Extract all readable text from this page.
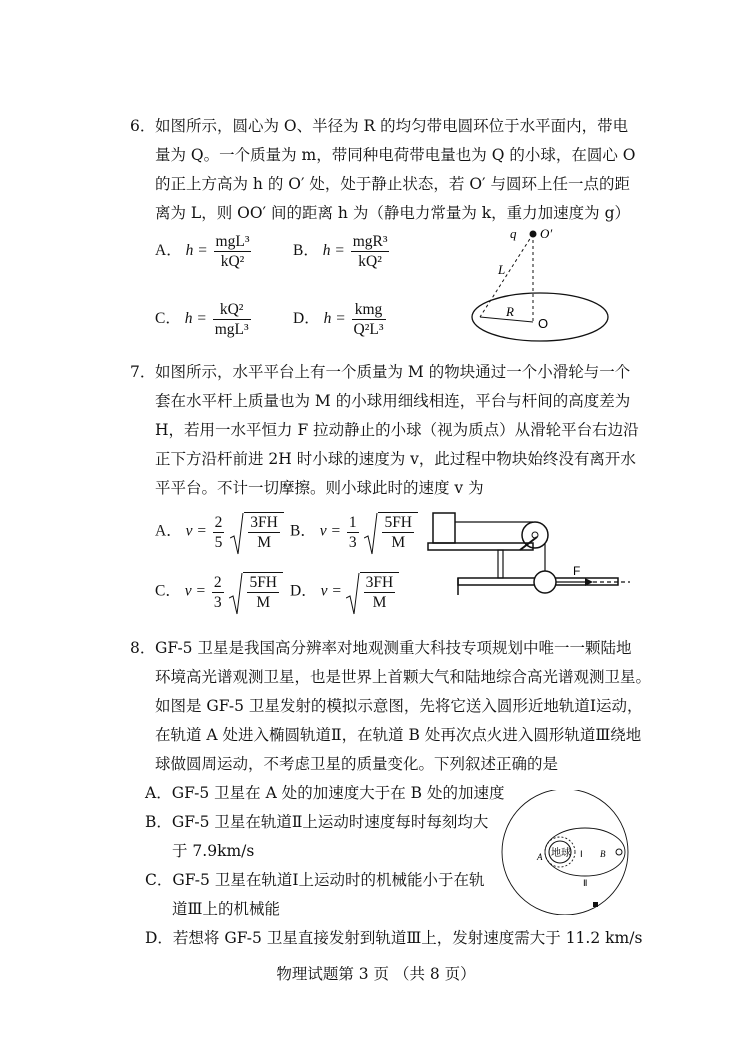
6． 如图所示，圆心为 O、半径为 R 的均匀带电圆环位于水平面内，带电
量为 Q。一个质量为 m，带同种电荷带电量也为 Q 的小球，在圆心 O
的正上方高为 h 的 O′ 处，处于静止状态，若 O′ 与圆环上任一点的距
离为 L，则 OO′ 间的距离 h 为（静电力常量为 k，重力加速度为 g）
A． $h = \frac{\text{mgL³}}{\text{kQ²}}$	B． $h = \frac{\text{mgR³}}{\text{kQ²}}$
C． $h = \frac{\text{kQ²}}{\text{mgL³}}$	D． $h = \frac{\text{kmg}}{\text{Q²L³}}$
q O′
L
R
O
7． 如图所示，水平平台上有一个质量为 M 的物块通过一个小滑轮与一个
套在水平杆上质量也为 M 的小球用细线相连，平台与杆间的高度差为
H，若用一水平恒力 F 拉动静止的小球（视为质点）从滑轮平台右边沿
正下方沿杆前进 2H 时小球的速度为 v，此过程中物块始终没有离开水
平平台。不计一切摩擦。则小球此时的速度 v 为
A． $v = \frac{2}{5}$
$\frac{3FH}{M}$ B． $v = \frac{1}{3}$
$\frac{5FH}{M}$
C． $v = \frac{2}{3}$
$\frac{5FH}{M}$ D． $v = \frac{3FH}{M}$
F
8． GF-5 卫星是我国高分辨率对地观测重大科技专项规划中唯一一颗陆地
环境高光谱观测卫星，也是世界上首颗大气和陆地综合高光谱观测卫星。
如图是 GF-5 卫星发射的模拟示意图，先将它送入圆形近地轨道Ⅰ运动，
在轨道 A 处进入椭圆轨道Ⅱ，在轨道 B 处再次点火进入圆形轨道Ⅲ绕地
球做圆周运动，不考虑卫星的质量变化。下列叙述正确的是
A．GF-5 卫星在 A 处的加速度大于在 B 处的加速度
B．GF-5 卫星在轨道Ⅱ上运动时速度每时每刻均大
于 7.9km/s
C．GF-5 卫星在轨道Ⅰ上运动时的机械能小于在轨
道Ⅲ上的机械能
D．若想将 GF-5 卫星直接发射到轨道Ⅲ上，发射速度需大于 11.2 km/s
地球
A	B
Ⅰ
Ⅱ
物理试题第 3 页 （共 8 页）
